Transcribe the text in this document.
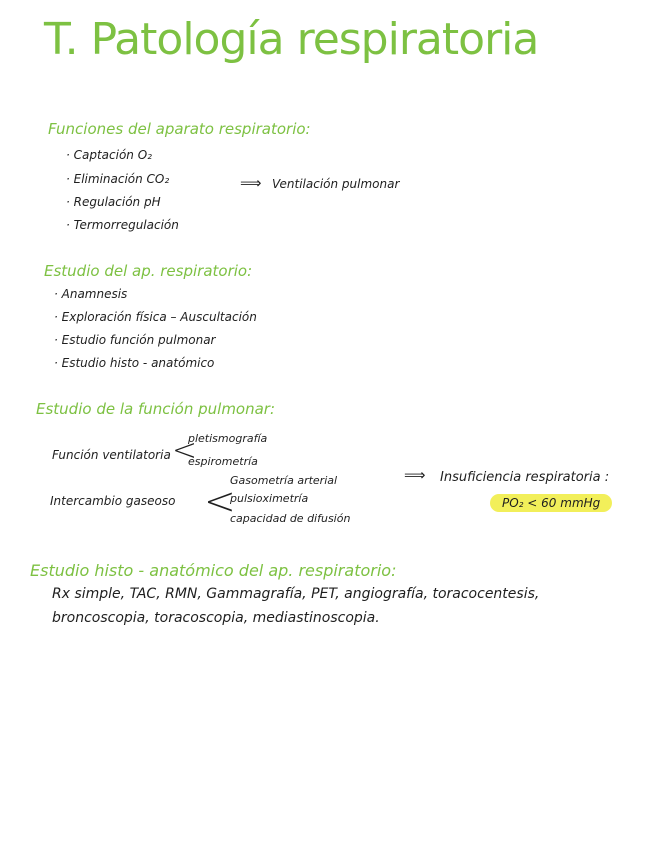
T. Patología respiratoria
Funciones del aparato respiratorio:
· Captación O₂
· Eliminación CO₂
· Regulación pH
· Termorregulación
⟹ Ventilación pulmonar
Estudio del ap. respiratorio:
· Anamnesis
· Exploración física – Auscultación
· Estudio función pulmonar
· Estudio histo - anatómico
Estudio de la función pulmonar:
Función ventilatoria <
pletismografía
espirometría
Intercambio gaseoso <
Gasometría arterial
pulsioximetría
capacidad de difusión
⟹ Insuficiencia respiratoria :
PO₂ < 60 mmHg
Estudio histo - anatómico del ap. respiratorio:
Rx simple, TAC, RMN, Gammagrafía, PET, angiografía, toracocentesis,
broncoscopia, toracoscopia, mediastinoscopia.
